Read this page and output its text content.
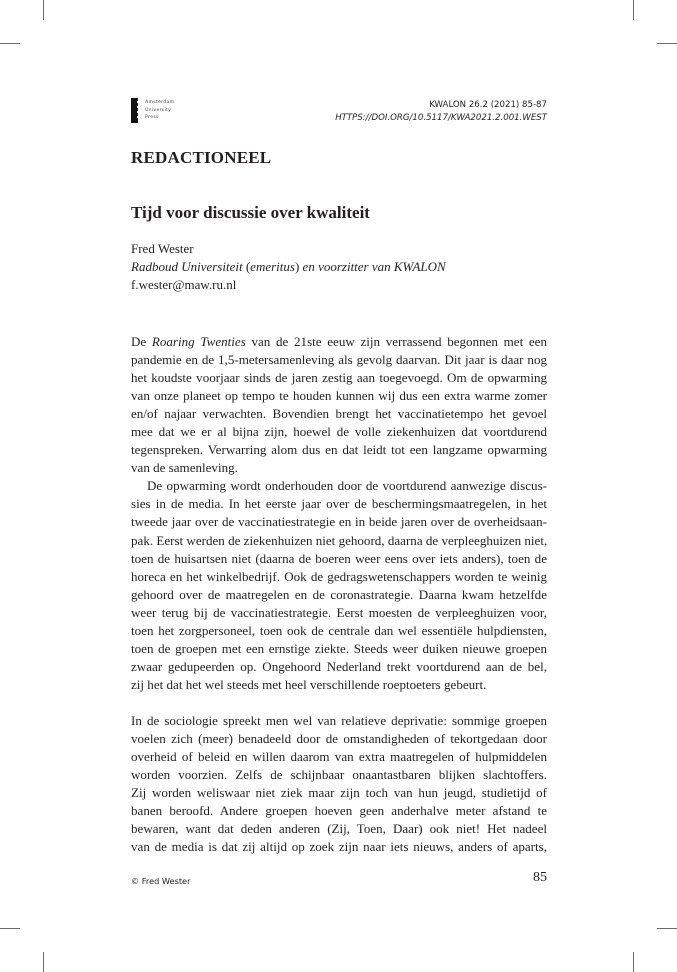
Amsterdam
University
Press
KWALON 26.2 (2021) 85-87
HTTPS://DOI.ORG/10.5117/KWA2021.2.001.WEST
REDACTIONEEL
Tijd voor discussie over kwaliteit
Fred Wester
Radboud Universiteit (emeritus) en voorzitter van KWALON
f.wester@maw.ru.nl

De Roaring Twenties van de 21ste eeuw zijn verrassend begonnen met een
pandemie en de 1,5-metersamenleving als gevolg daarvan. Dit jaar is daar nog
het koudste voorjaar sinds de jaren zestig aan toegevoegd. Om de opwarming
van onze planeet op tempo te houden kunnen wij dus een extra warme zomer
en/of najaar verwachten. Bovendien brengt het vaccinatietempo het gevoel
mee dat we er al bijna zijn, hoewel de volle ziekenhuizen dat voortdurend
tegenspreken. Verwarring alom dus en dat leidt tot een langzame opwarming
van de samenleving.

De opwarming wordt onderhouden door de voortdurend aanwezige discus-
sies in de media. In het eerste jaar over de beschermingsmaatregelen, in het
tweede jaar over de vaccinatiestrategie en in beide jaren over de overheidsaan-
pak. Eerst werden de ziekenhuizen niet gehoord, daarna de verpleeghuizen niet,
toen de huisartsen niet (daarna de boeren weer eens over iets anders), toen de
horeca en het winkelbedrijf. Ook de gedragswetenschappers worden te weinig
gehoord over de maatregelen en de coronastrategie. Daarna kwam hetzelfde
weer terug bij de vaccinatiestrategie. Eerst moesten de verpleeghuizen voor,
toen het zorgpersoneel, toen ook de centrale dan wel essentiële hulpdiensten,
toen de groepen met een ernstige ziekte. Steeds weer duiken nieuwe groepen
zwaar gedupeerden op. Ongehoord Nederland trekt voortdurend aan de bel,
zij het dat het wel steeds met heel verschillende roeptoeters gebeurt.

In de sociologie spreekt men wel van relatieve deprivatie: sommige groepen
voelen zich (meer) benadeeld door de omstandigheden of tekortgedaan door
overheid of beleid en willen daarom van extra maatregelen of hulpmiddelen
worden voorzien. Zelfs de schijnbaar onaantastbaren blijken slachtoffers.
Zij worden weliswaar niet ziek maar zijn toch van hun jeugd, studietijd of
banen beroofd. Andere groepen hoeven geen anderhalve meter afstand te
bewaren, want dat deden anderen (Zij, Toen, Daar) ook niet! Het nadeel
van de media is dat zij altijd op zoek zijn naar iets nieuws, anders of aparts,

© Fred Wester	85
